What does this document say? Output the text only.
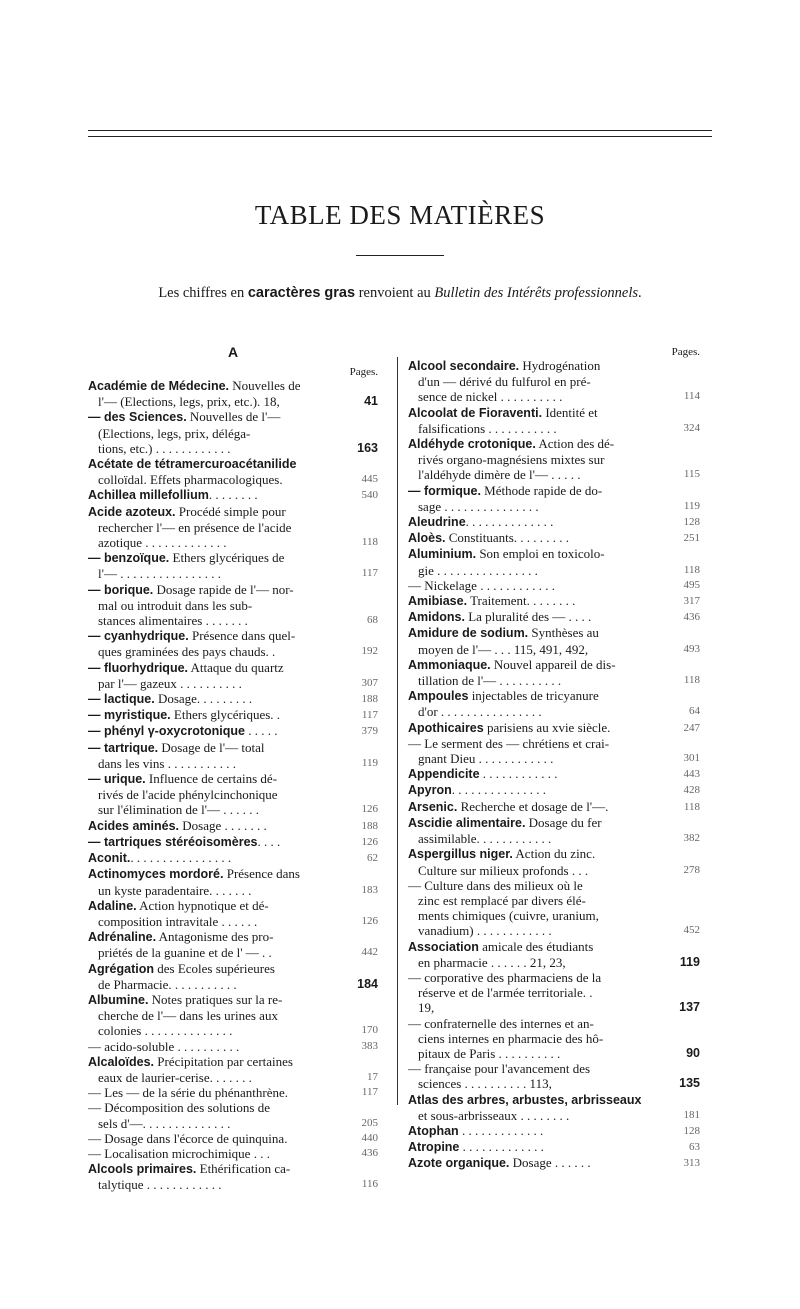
TABLE DES MATIÈRES
Les chiffres en caractères gras renvoient au Bulletin des Intérêts professionnels.
A
Pages.
Académie de Médecine. Nouvelles de
l'— (Elections, legs, prix, etc.). 18,	41
— des Sciences. Nouvelles de l'—
(Elections, legs, prix, déléga-
tions, etc.) . . . . . . . . . . . .	163
Acétate de tétramercuroacétanilide
colloïdal. Effets pharmacologiques.	445
Achillea millefollium. . . . . . . .	540
Acide azoteux. Procédé simple pour
rechercher l'— en présence de l'acide
azotique . . . . . . . . . . . . .	118
— benzoïque. Ethers glycériques de
l'— . . . . . . . . . . . . . . . .	117
— borique. Dosage rapide de l'— nor-
mal ou introduit dans les sub-
stances alimentaires . . . . . . .	68
— cyanhydrique. Présence dans quel-
ques graminées des pays chauds. .	192
— fluorhydrique. Attaque du quartz
par l'— gazeux . . . . . . . . . .	307
— lactique. Dosage. . . . . . . . .	188
— myristique. Ethers glycériques. .	117
— phényl γ-oxycrotonique . . . . .	379
— tartrique. Dosage de l'— total
dans les vins . . . . . . . . . . .	119
— urique. Influence de certains dé-
rivés de l'acide phénylcinchonique
sur l'élimination de l'— . . . . . .	126
Acides aminés. Dosage . . . . . . .	188
— tartriques stéréoisomères. . . .	126
Aconit.. . . . . . . . . . . . . . . .	62
Actinomyces mordoré. Présence dans
un kyste paradentaire. . . . . . .	183
Adaline. Action hypnotique et dé-
composition intravitale . . . . . .	126
Adrénaline. Antagonisme des pro-
priétés de la guanine et de l' — . .	442
Agrégation des Ecoles supérieures
de Pharmacie. . . . . . . . . . .	184
Albumine. Notes pratiques sur la re-
cherche de l'— dans les urines aux
colonies . . . . . . . . . . . . . .	170
— acido-soluble . . . . . . . . . .	383
Alcaloïdes. Précipitation par certaines
eaux de laurier-cerise. . . . . . .	17
— Les — de la série du phénanthrène.	117
— Décomposition des solutions de
sels d'—. . . . . . . . . . . . . .	205
— Dosage dans l'écorce de quinquina.	440
— Localisation microchimique . . .	436
Alcools primaires. Ethérification ca-
talytique . . . . . . . . . . . .	116
Pages.
Alcool secondaire. Hydrogénation
d'un — dérivé du fulfurol en pré-
sence de nickel . . . . . . . . . .	114
Alcoolat de Fioraventi. Identité et
falsifications . . . . . . . . . . .	324
Aldéhyde crotonique. Action des dé-
rivés organo-magnésiens mixtes sur
l'aldéhyde dimère de l'— . . . . .	115
— formique. Méthode rapide de do-
sage . . . . . . . . . . . . . . .	119
Aleudrine. . . . . . . . . . . . . .	128
Aloès. Constituants. . . . . . . . .	251
Aluminium. Son emploi en toxicolo-
gie . . . . . . . . . . . . . . . .	118
— Nickelage . . . . . . . . . . . .	495
Amibiase. Traitement. . . . . . . .	317
Amidons. La pluralité des — . . . .	436
Amidure de sodium. Synthèses au
moyen de l'— . . . 115, 491, 492,	493
Ammoniaque. Nouvel appareil de dis-
tillation de l'— . . . . . . . . . .	118
Ampoules injectables de tricyanure
d'or . . . . . . . . . . . . . . . .	64
Apothicaires parisiens au xvie siècle.	247
— Le serment des — chrétiens et crai-
gnant Dieu . . . . . . . . . . . .	301
Appendicite . . . . . . . . . . . .	443
Apyron. . . . . . . . . . . . . . .	428
Arsenic. Recherche et dosage de l'—.	118
Ascidie alimentaire. Dosage du fer
assimilable. . . . . . . . . . . .	382
Aspergillus niger. Action du zinc.
Culture sur milieux profonds . . .	278
— Culture dans des milieux où le
zinc est remplacé par divers élé-
ments chimiques (cuivre, uranium,
vanadium) . . . . . . . . . . . .	452
Association amicale des étudiants
en pharmacie . . . . . . 21, 23,	119
— corporative des pharmaciens de la
réserve et de l'armée territoriale. .
19,	137
— confraternelle des internes et an-
ciens internes en pharmacie des hô-
pitaux de Paris . . . . . . . . . .	90
— française pour l'avancement des
sciences . . . . . . . . . . 113,	135
Atlas des arbres, arbustes, arbrisseaux
et sous-arbrisseaux . . . . . . . .	181
Atophan . . . . . . . . . . . . .	128
Atropine . . . . . . . . . . . . .	63
Azote organique. Dosage . . . . . .	313
